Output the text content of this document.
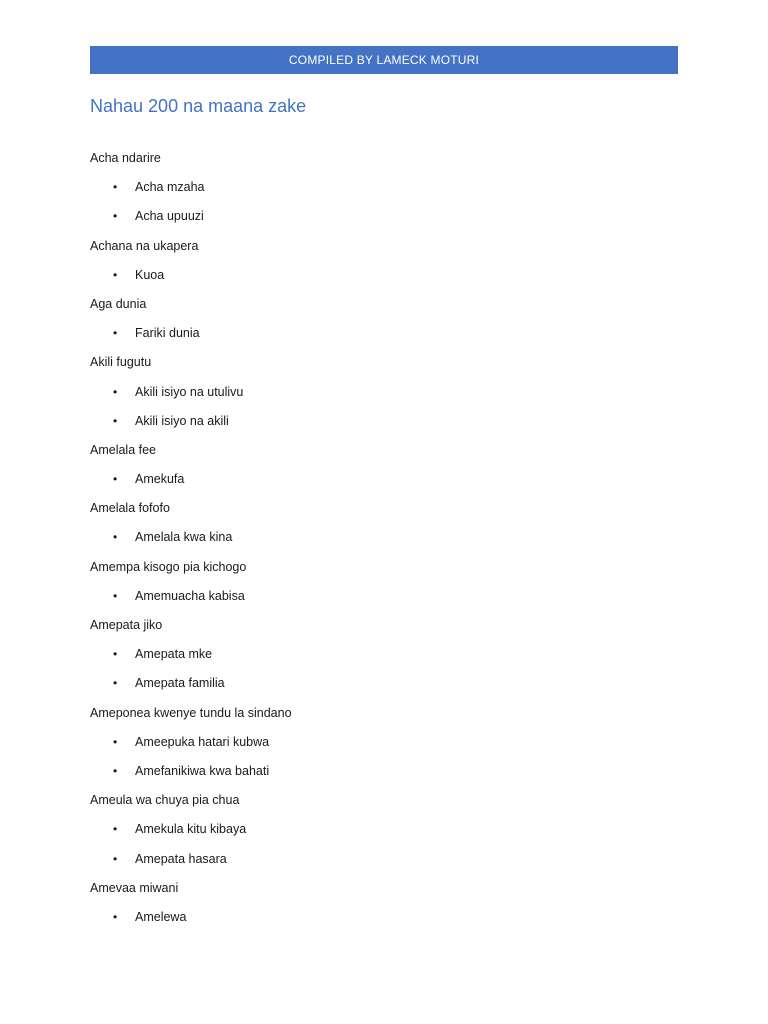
COMPILED BY LAMECK MOTURI
Nahau 200 na maana zake
Acha ndarire
• Acha mzaha
• Acha upuuzi
Achana na ukapera
• Kuoa
Aga dunia
• Fariki dunia
Akili fugutu
• Akili isiyo na utulivu
• Akili isiyo na akili
Amelala fee
• Amekufa
Amelala fofofo
• Amelala kwa kina
Amempa kisogo pia kichogo
• Amemuacha kabisa
Amepata jiko
• Amepata mke
• Amepata familia
Ameponea kwenye tundu la sindano
• Ameepuka hatari kubwa
• Amefanikiwa kwa bahati
Ameula wa chuya pia chua
• Amekula kitu kibaya
• Amepata hasara
Amevaa miwani
• Amelewa
